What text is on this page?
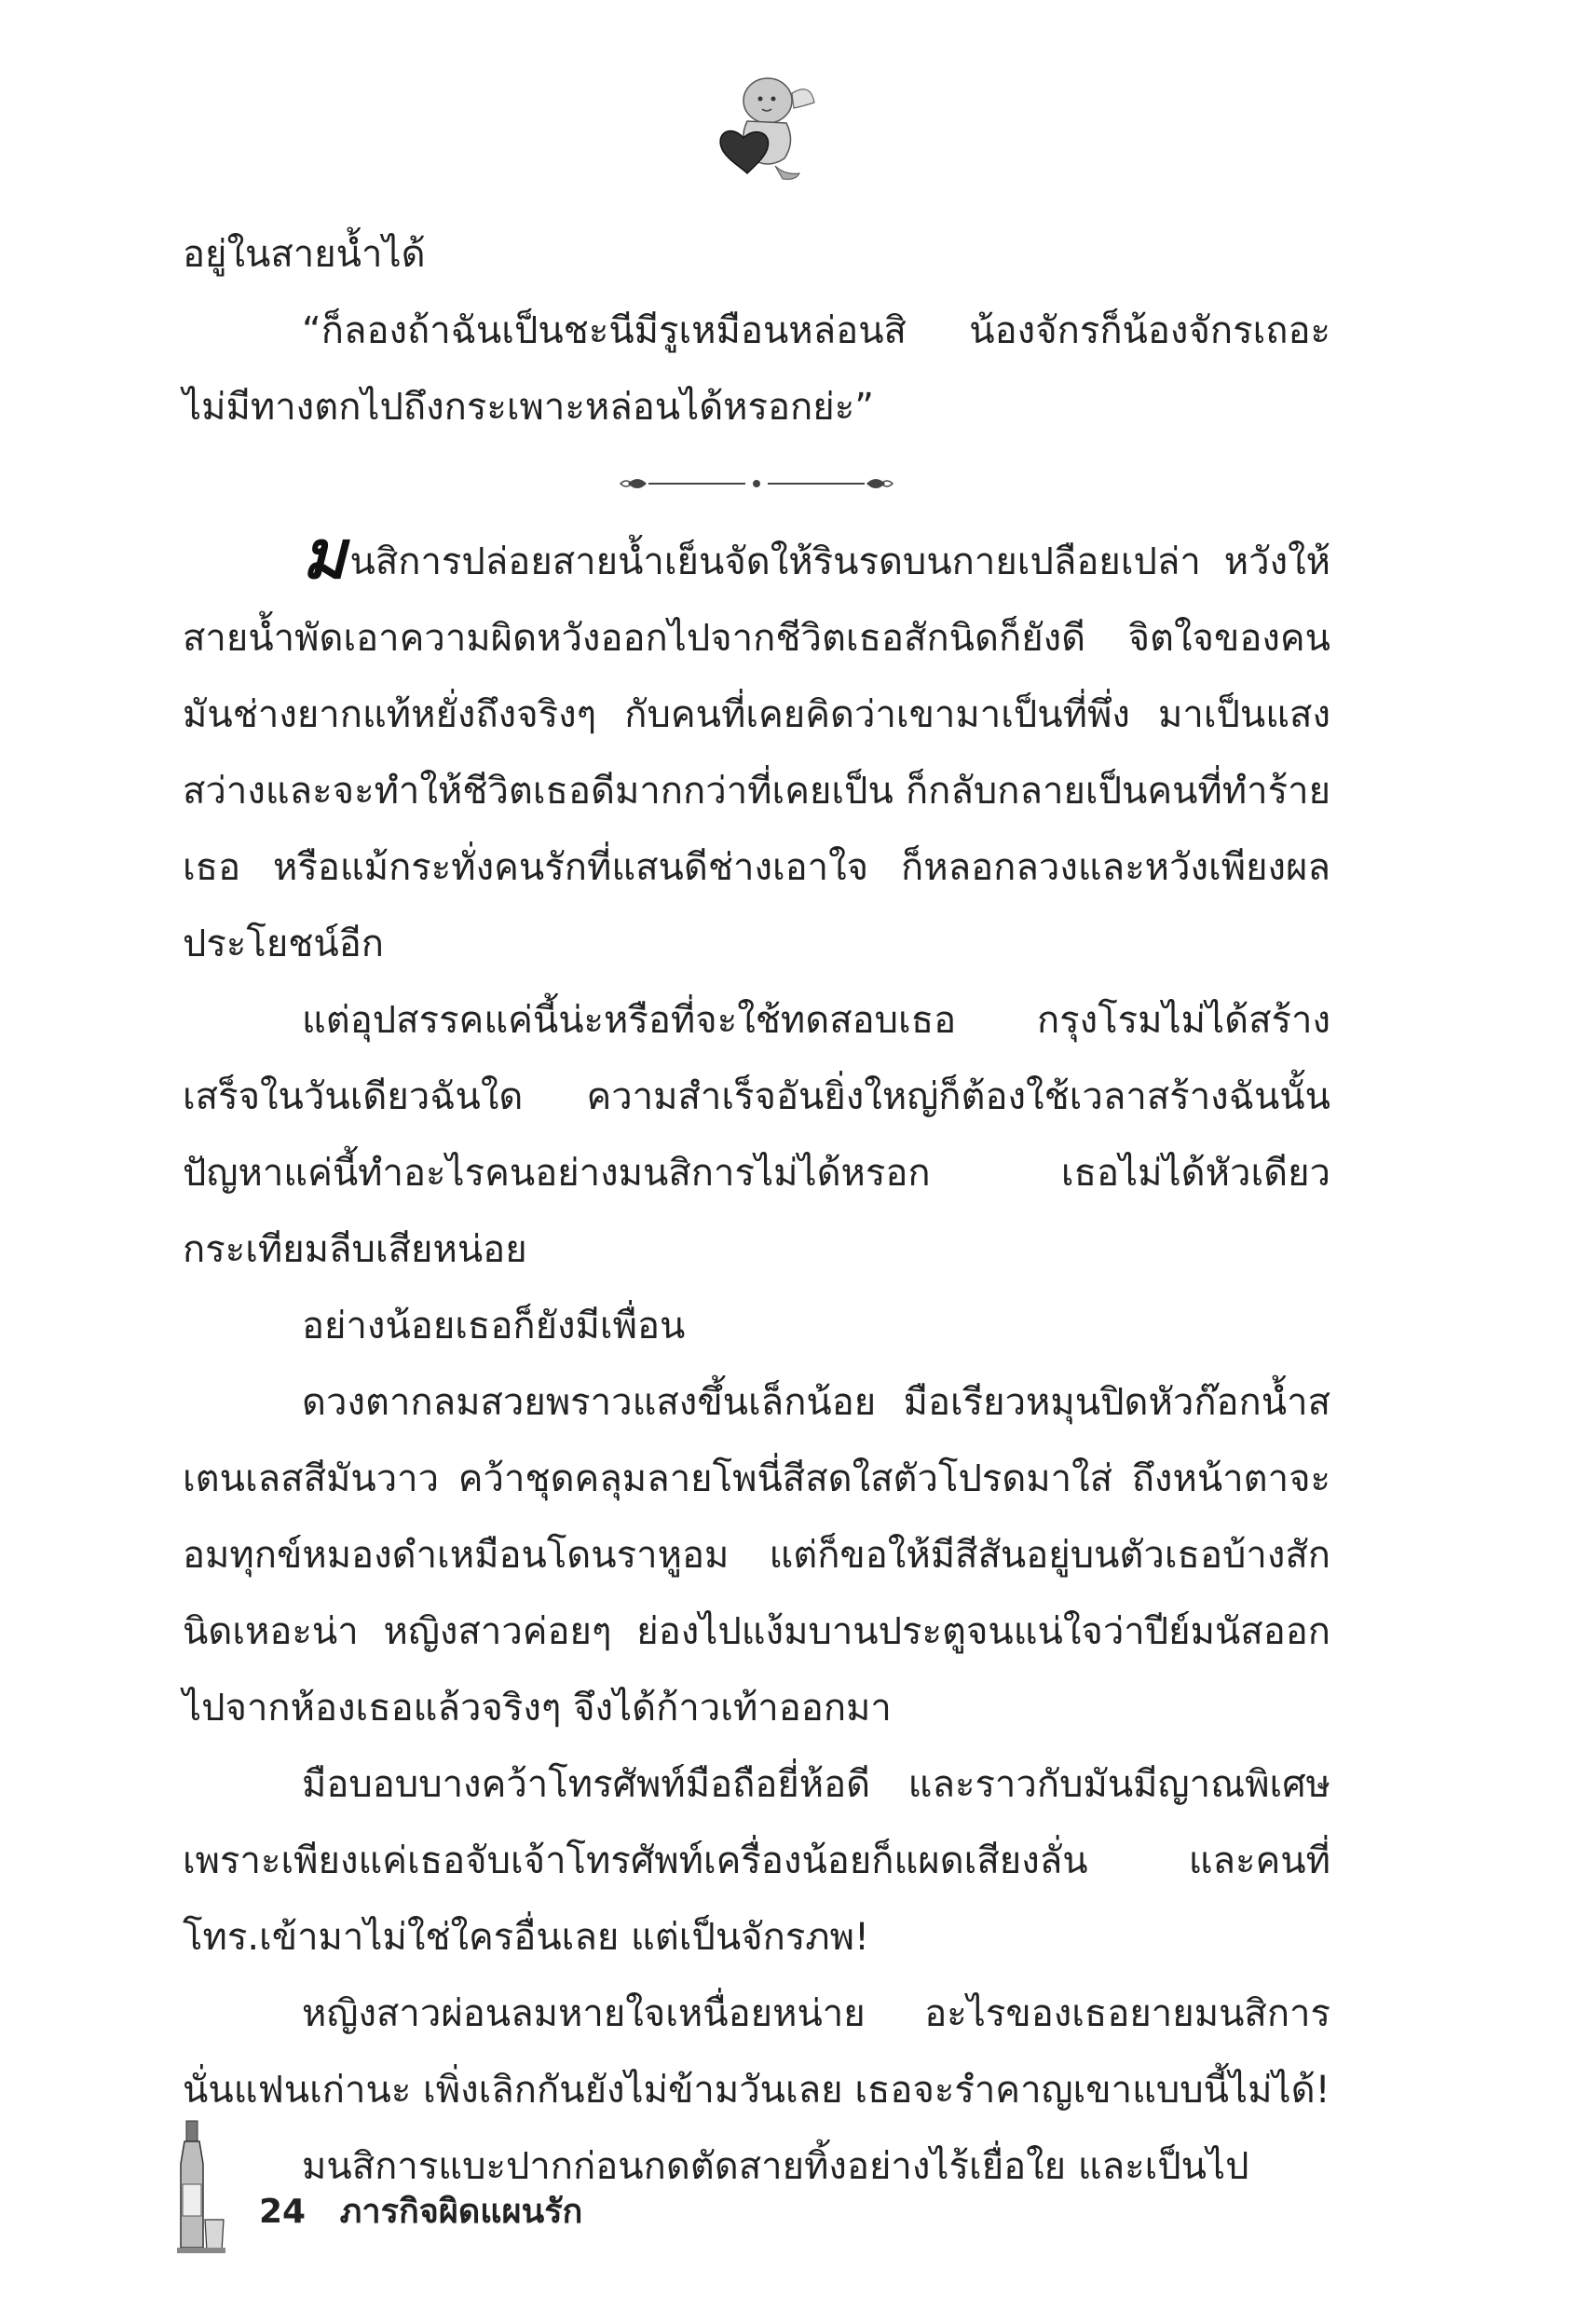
อยู่ในสายน้ำได้

“ก็ลองถ้าฉันเป็นชะนีมีรูเหมือนหล่อนสิ น้องจักรก็น้องจักรเถอะ ไม่มีทางตกไปถึงกระเพาะหล่อนได้หรอกย่ะ”

มนสิการปล่อยสายน้ำเย็นจัดให้รินรดบนกายเปลือยเปล่า หวังให้สายน้ำพัดเอาความผิดหวังออกไปจากชีวิตเธอสักนิดก็ยังดี จิตใจของคนมันช่างยากแท้หยั่งถึงจริงๆ กับคนที่เคยคิดว่าเขามาเป็นที่พึ่ง มาเป็นแสงสว่างและจะทำให้ชีวิตเธอดีมากกว่าที่เคยเป็น ก็กลับกลายเป็นคนที่ทำร้ายเธอ หรือแม้กระทั่งคนรักที่แสนดีช่างเอาใจ ก็หลอกลวงและหวังเพียงผลประโยชน์อีก

แต่อุปสรรคแค่นี้น่ะหรือที่จะใช้ทดสอบเธอ กรุงโรมไม่ได้สร้างเสร็จในวันเดียวฉันใด ความสำเร็จอันยิ่งใหญ่ก็ต้องใช้เวลาสร้างฉันนั้น ปัญหาแค่นี้ทำอะไรคนอย่างมนสิการไม่ได้หรอก เธอไม่ได้หัวเดียวกระเทียมลีบเสียหน่อย

อย่างน้อยเธอก็ยังมีเพื่อน

ดวงตากลมสวยพราวแสงขึ้นเล็กน้อย มือเรียวหมุนปิดหัวก๊อกน้ำสเตนเลสสีมันวาว คว้าชุดคลุมลายโพนี่สีสดใสตัวโปรดมาใส่ ถึงหน้าตาจะอมทุกข์หมองดำเหมือนโดนราหูอม แต่ก็ขอให้มีสีสันอยู่บนตัวเธอบ้างสักนิดเหอะน่า หญิงสาวค่อยๆ ย่องไปแง้มบานประตูจนแน่ใจว่าปีย์มนัสออกไปจากห้องเธอแล้วจริงๆ จึงได้ก้าวเท้าออกมา

มือบอบบางคว้าโทรศัพท์มือถือยี่ห้อดี และราวกับมันมีญาณพิเศษเพราะเพียงแค่เธอจับเจ้าโทรศัพท์เครื่องน้อยก็แผดเสียงลั่น และคนที่โทร.เข้ามาไม่ใช่ใครอื่นเลย แต่เป็นจักรภพ!

หญิงสาวผ่อนลมหายใจเหนื่อยหน่าย อะไรของเธอยายมนสิการนั่นแฟนเก่านะ เพิ่งเลิกกันยังไม่ข้ามวันเลย เธอจะรำคาญเขาแบบนี้ไม่ได้!

มนสิการแบะปากก่อนกดตัดสายทิ้งอย่างไร้เยื่อใย และเป็นไป

24 ภารกิจผิดแผนรัก
